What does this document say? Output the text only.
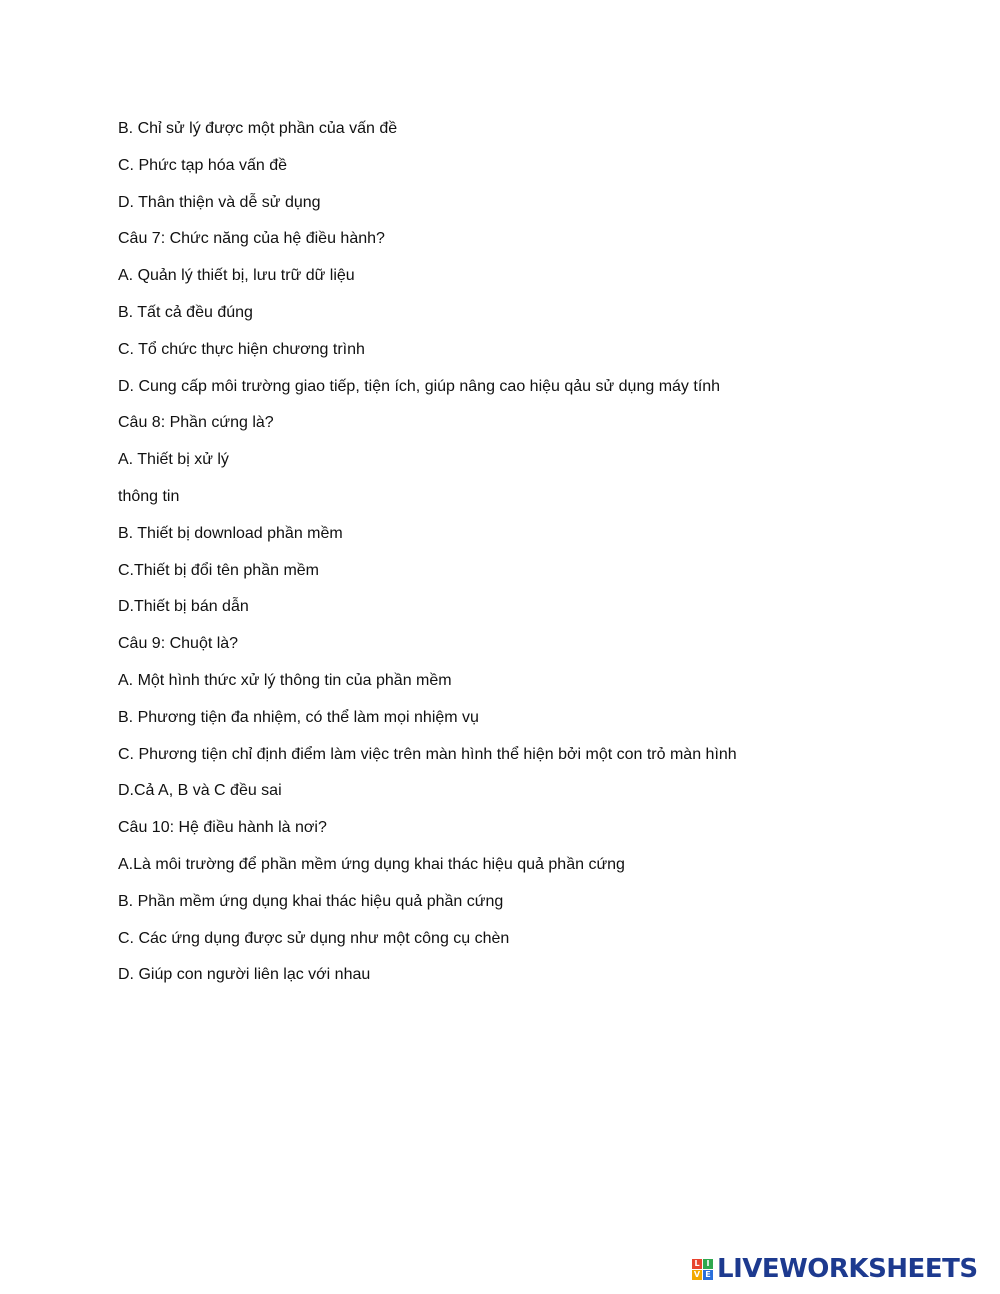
B. Chỉ sử lý được một phần của vấn đề
C. Phức tạp hóa vấn đề
D. Thân thiện và dễ sử dụng
Câu 7: Chức năng của hệ điều hành?
A. Quản lý thiết bị, lưu trữ dữ liệu
B. Tất cả đều đúng
C. Tổ chức thực hiện chương trình
D. Cung cấp môi trường giao tiếp, tiện ích, giúp nâng cao hiệu qảu sử dụng máy tính
Câu 8: Phần cứng là?
A. Thiết bị xử lý
thông tin
B. Thiết bị download phần mềm
C.Thiết bị đổi tên phần mềm
D.Thiết bị bán dẫn
Câu 9: Chuột là?
A. Một hình thức xử lý thông tin của phần mềm
B. Phương tiện đa nhiệm, có thể làm mọi nhiệm vụ
C. Phương tiện chỉ định điểm làm việc trên màn hình thể hiện bởi một con trỏ màn hình
D.Cả A, B và C đều sai
Câu 10: Hệ điều hành là nơi?
A.Là môi trường để phần mềm ứng dụng khai thác hiệu quả phần cứng
B. Phần mềm ứng dụng khai thác hiệu quả phần cứng
C. Các ứng dụng được sử dụng như một công cụ chèn
D. Giúp con người liên lạc với nhau
L I
V E LIVEWORKSHEETS
